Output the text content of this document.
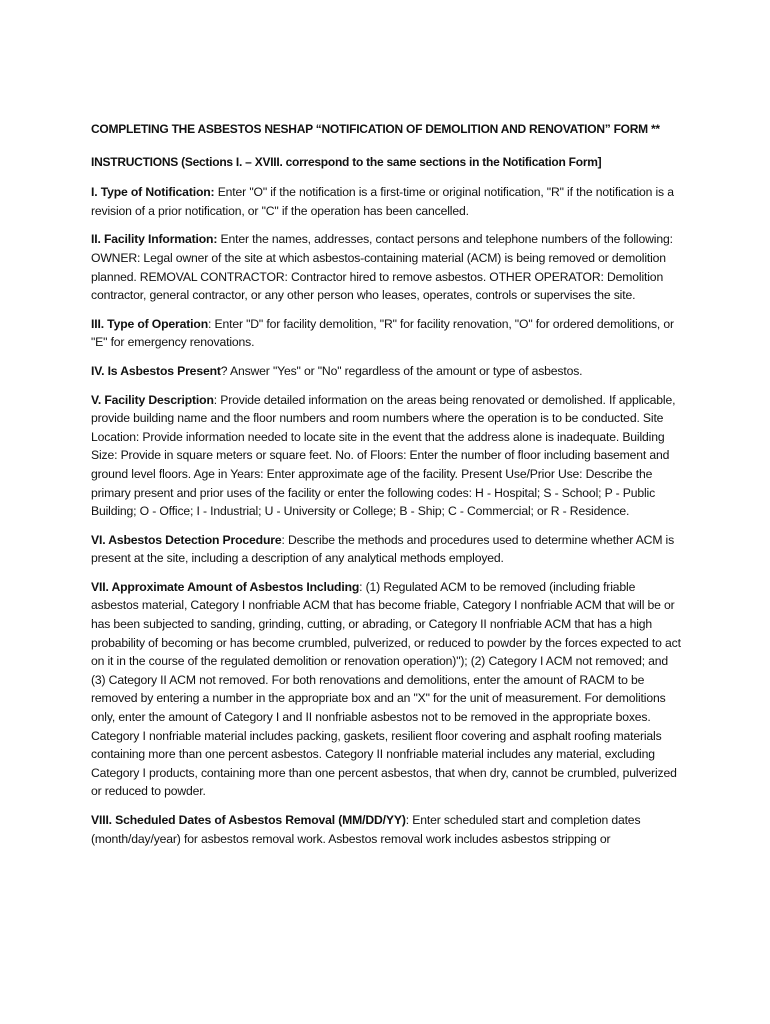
COMPLETING THE ASBESTOS NESHAP “NOTIFICATION OF DEMOLITION AND RENOVATION” FORM **

INSTRUCTIONS (Sections I. – XVIII. correspond to the same sections in the Notification Form]

I. Type of Notification: Enter "O" if the notification is a first-time or original notification, "R" if the notification is a revision of a prior notification, or "C" if the operation has been cancelled.

II. Facility Information: Enter the names, addresses, contact persons and telephone numbers of the following: OWNER: Legal owner of the site at which asbestos-containing material (ACM) is being removed or demolition planned. REMOVAL CONTRACTOR: Contractor hired to remove asbestos. OTHER OPERATOR: Demolition contractor, general contractor, or any other person who leases, operates, controls or supervises the site.

III. Type of Operation: Enter "D" for facility demolition, "R" for facility renovation, "O" for ordered demolitions, or "E" for emergency renovations.

IV. Is Asbestos Present? Answer "Yes" or "No" regardless of the amount or type of asbestos.

V. Facility Description: Provide detailed information on the areas being renovated or demolished. If applicable, provide building name and the floor numbers and room numbers where the operation is to be conducted. Site Location: Provide information needed to locate site in the event that the address alone is inadequate. Building Size: Provide in square meters or square feet. No. of Floors: Enter the number of floor including basement and ground level floors. Age in Years: Enter approximate age of the facility. Present Use/Prior Use: Describe the primary present and prior uses of the facility or enter the following codes: H - Hospital; S - School; P - Public Building; O - Office; I - Industrial; U - University or College; B - Ship; C - Commercial; or R - Residence.

VI. Asbestos Detection Procedure: Describe the methods and procedures used to determine whether ACM is present at the site, including a description of any analytical methods employed.

VII. Approximate Amount of Asbestos Including: (1) Regulated ACM to be removed (including friable asbestos material, Category I nonfriable ACM that has become friable, Category I nonfriable ACM that will be or has been subjected to sanding, grinding, cutting, or abrading, or Category II nonfriable ACM that has a high probability of becoming or has become crumbled, pulverized, or reduced to powder by the forces expected to act on it in the course of the regulated demolition or renovation operation)"); (2) Category I ACM not removed; and (3) Category II ACM not removed. For both renovations and demolitions, enter the amount of RACM to be removed by entering a number in the appropriate box and an "X" for the unit of measurement. For demolitions only, enter the amount of Category I and II nonfriable asbestos not to be removed in the appropriate boxes. Category I nonfriable material includes packing, gaskets, resilient floor covering and asphalt roofing materials containing more than one percent asbestos. Category II nonfriable material includes any material, excluding Category I products, containing more than one percent asbestos, that when dry, cannot be crumbled, pulverized or reduced to powder.

VIII. Scheduled Dates of Asbestos Removal (MM/DD/YY): Enter scheduled start and completion dates (month/day/year) for asbestos removal work. Asbestos removal work includes asbestos stripping or
